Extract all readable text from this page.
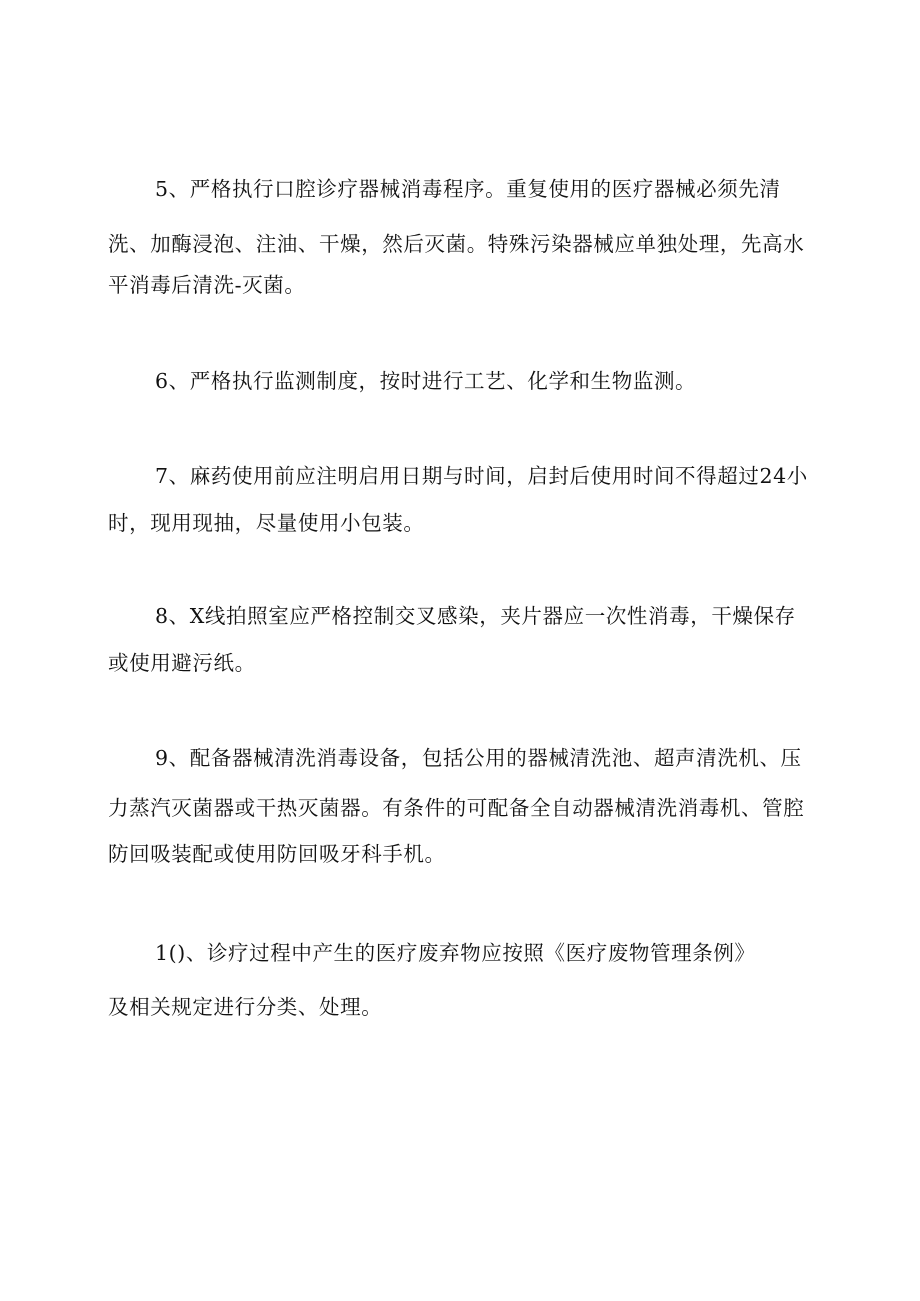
5、严格执行口腔诊疗器械消毒程序。重复使用的医疗器械必须先清
洗、加酶浸泡、注油、干燥，然后灭菌。特殊污染器械应单独处理，先高水
平消毒后清洗-灭菌。
6、严格执行监测制度，按时进行工艺、化学和生物监测。
7、麻药使用前应注明启用日期与时间，启封后使用时间不得超过24小
时，现用现抽，尽量使用小包装。
8、X线拍照室应严格控制交叉感染，夹片器应一次性消毒，干燥保存
或使用避污纸。
9、配备器械清洗消毒设备，包括公用的器械清洗池、超声清洗机、压
力蒸汽灭菌器或干热灭菌器。有条件的可配备全自动器械清洗消毒机、管腔
防回吸装配或使用防回吸牙科手机。
1()、诊疗过程中产生的医疗废弃物应按照《医疗废物管理条例》
及相关规定进行分类、处理。
